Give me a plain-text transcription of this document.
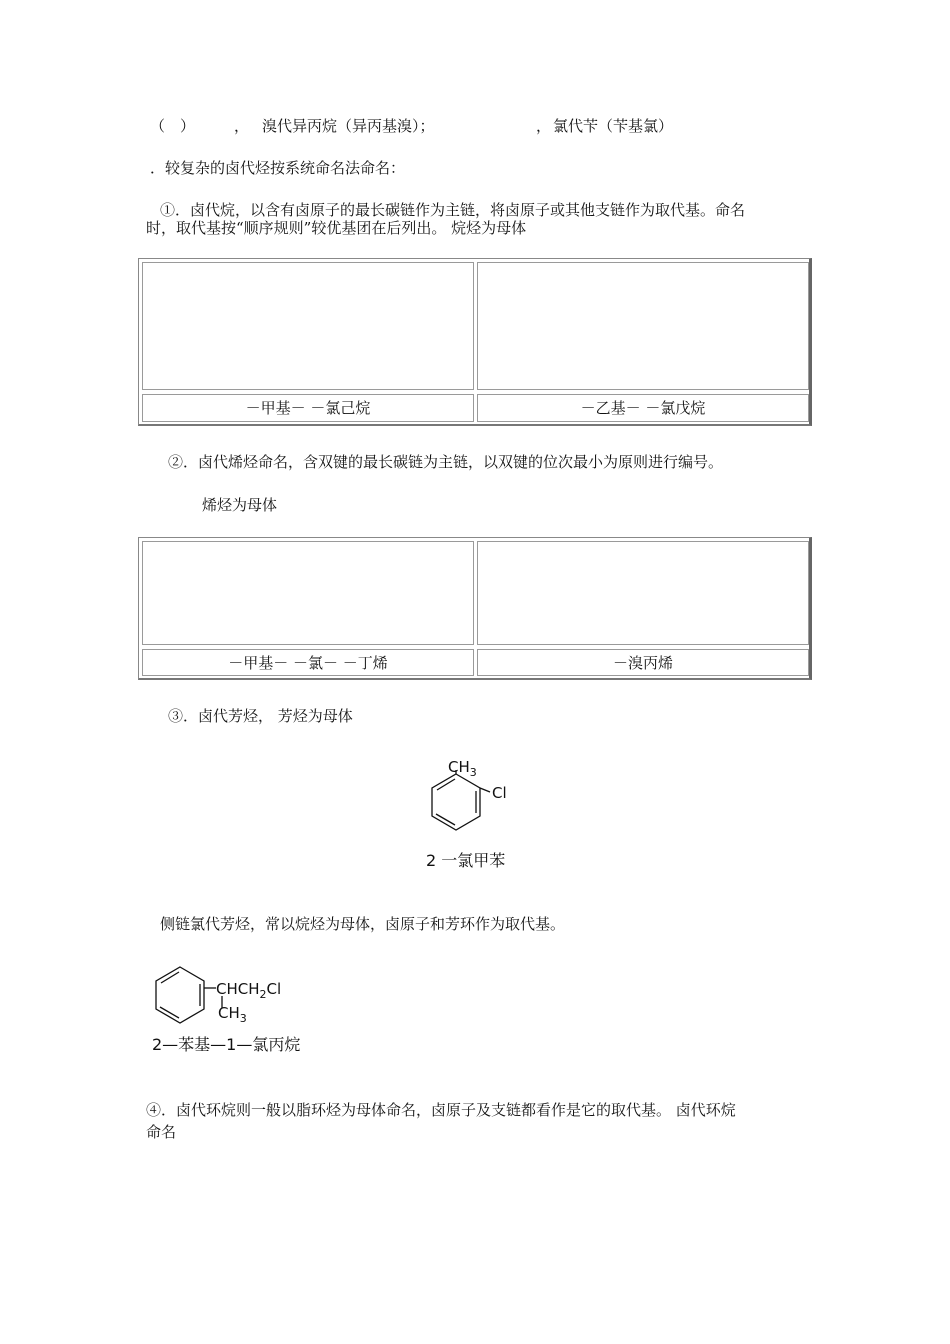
（　）	， 溴代异丙烷（异丙基溴）；	， 氯代苄（苄基氯）
．较复杂的卤代烃按系统命名法命名：
①．卤代烷，以含有卤原子的最长碳链作为主链，将卤原子或其他支链作为取代基。命名
时，取代基按“顺序规则”较优基团在后列出。 烷烃为母体
－甲基－ －氯己烷	－乙基－ －氯戊烷
②．卤代烯烃命名，含双键的最长碳链为主链，以双键的位次最小为原则进行编号。
烯烃为母体
－甲基－ －氯－ －丁烯	－溴丙烯
③．卤代芳烃， 芳烃为母体
$CH_3$
Cl
2 一氯甲苯
侧链氯代芳烃，常以烷烃为母体，卤原子和芳环作为取代基。
$CHCH_2Cl$
$CH_3$
2—苯基—1—氯丙烷
④．卤代环烷则一般以脂环烃为母体命名，卤原子及支链都看作是它的取代基。 卤代环烷
命名
